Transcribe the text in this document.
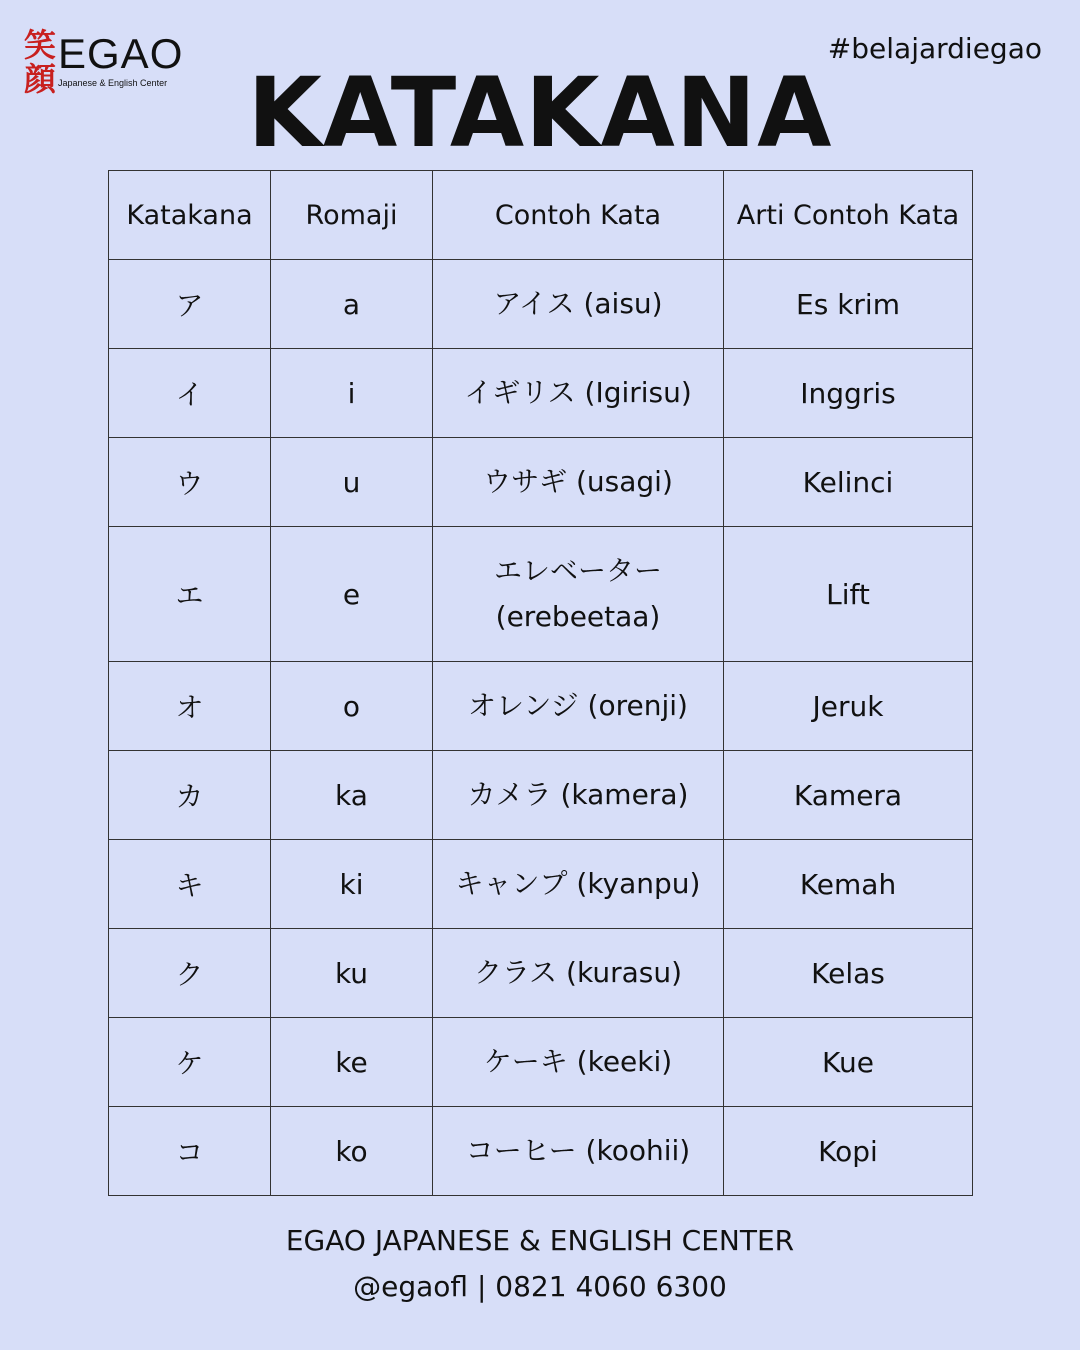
笑顔
EGAO
Japanese & English Center
#belajardiegao
KATAKANA
Katakana	Romaji	Contoh Kata	Arti Contoh Kata
ア	a	アイス (aisu)	Es krim
イ	i	イギリス (Igirisu)	Inggris
ウ	u	ウサギ (usagi)	Kelinci
エ	e	エレベーター (erebeetaa)	Lift
オ	o	オレンジ (orenji)	Jeruk
カ	ka	カメラ (kamera)	Kamera
キ	ki	キャンプ (kyanpu)	Kemah
ク	ku	クラス (kurasu)	Kelas
ケ	ke	ケーキ (keeki)	Kue
コ	ko	コーヒー (koohii)	Kopi
EGAO JAPANESE & ENGLISH CENTER
@egaofl | 0821 4060 6300
